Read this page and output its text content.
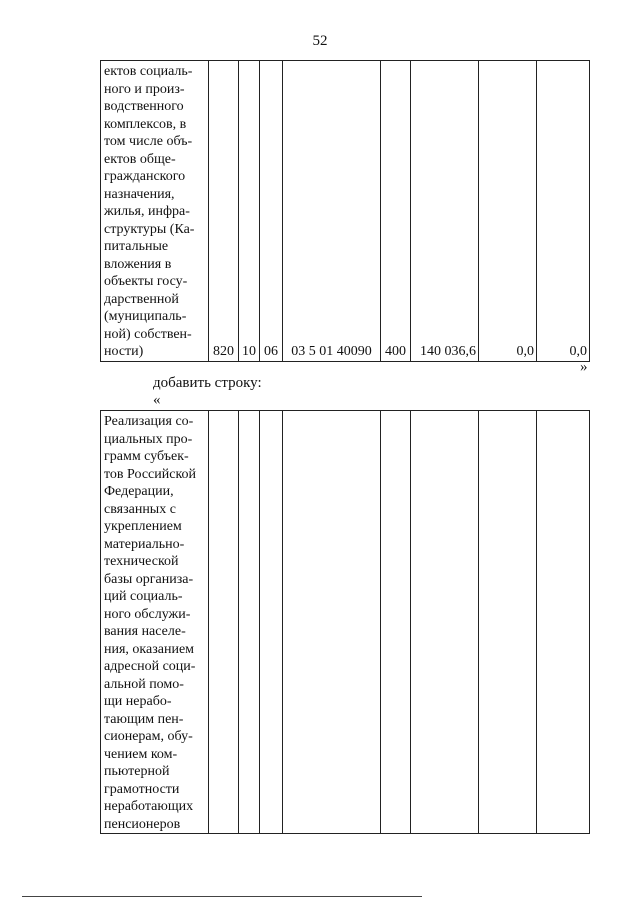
52
ектов социаль-
ного и произ-
водственного
комплексов, в
том числе объ-
ектов обще-
гражданского
назначения,
жилья, инфра-
структуры (Ка-
питальные
вложения в
объекты госу-
дарственной
(муниципаль-
ной) собствен-
ности)	820	10	06	03 5 01 40090	400	140 036,6	0,0	0,0
»
добавить строку:
«
Реализация со-
циальных про-
грамм субъек-
тов Российской
Федерации,
связанных с
укреплением
материально-
технической
базы организа-
ций социаль-
ного обслужи-
вания населе-
ния, оказанием
адресной соци-
альной помо-
щи нерабо-
тающим пен-
сионерам, обу-
чением ком-
пьютерной
грамотности
неработающих
пенсионеров								
